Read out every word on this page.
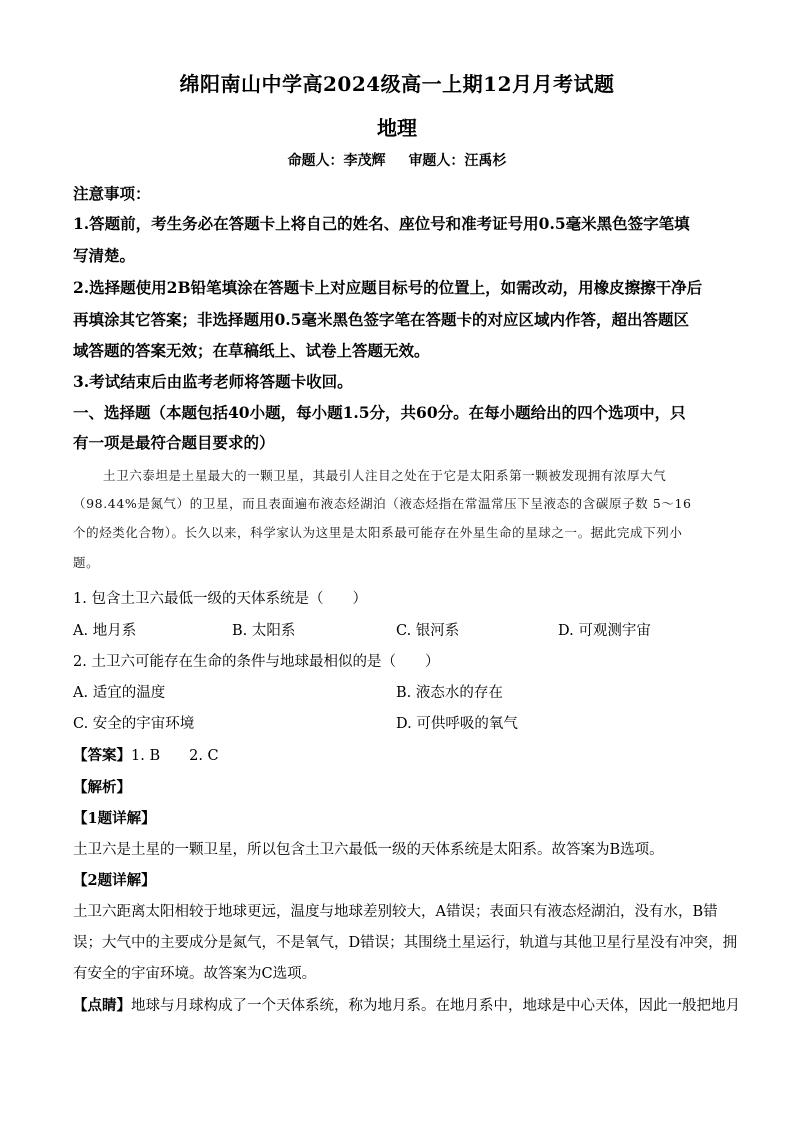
绵阳南山中学高2024级高一上期12月月考试题
地理
命题人：李茂辉 审题人：汪禹杉
注意事项：
1.答题前，考生务必在答题卡上将自己的姓名、座位号和准考证号用0.5毫米黑色签字笔填
写清楚。
2.选择题使用2B铅笔填涂在答题卡上对应题目标号的位置上，如需改动，用橡皮擦擦干净后
再填涂其它答案；非选择题用0.5毫米黑色签字笔在答题卡的对应区域内作答，超出答题区
域答题的答案无效；在草稿纸上、试卷上答题无效。
3.考试结束后由监考老师将答题卡收回。
一、选择题（本题包括40小题，每小题1.5分，共60分。在每小题给出的四个选项中，只
有一项是最符合题目要求的）
土卫六泰坦是土星最大的一颗卫星，其最引人注目之处在于它是太阳系第一颗被发现拥有浓厚大气
（98.44%是氮气）的卫星，而且表面遍布液态烃湖泊（液态烃指在常温常压下呈液态的含碳原子数 5～16
个的烃类化合物）。长久以来，科学家认为这里是太阳系最可能存在外星生命的星球之一。据此完成下列小
题。
1. 包含土卫六最低一级的天体系统是（　　）
A. 地月系	B. 太阳系	C. 银河系	D. 可观测宇宙
2. 土卫六可能存在生命的条件与地球最相似的是（　　）
A. 适宜的温度	B. 液态水的存在
C. 安全的宇宙环境	D. 可供呼吸的氧气
【答案】1. B　　2. C
【解析】
【1题详解】
土卫六是土星的一颗卫星，所以包含土卫六最低一级的天体系统是太阳系。故答案为B选项。
【2题详解】
土卫六距离太阳相较于地球更远，温度与地球差别较大，A错误；表面只有液态烃湖泊，没有水，B错
误；大气中的主要成分是氮气，不是氧气，D错误；其围绕土星运行，轨道与其他卫星行星没有冲突，拥
有安全的宇宙环境。故答案为C选项。
【点睛】地球与月球构成了一个天体系统，称为地月系。在地月系中，地球是中心天体，因此一般把地月
